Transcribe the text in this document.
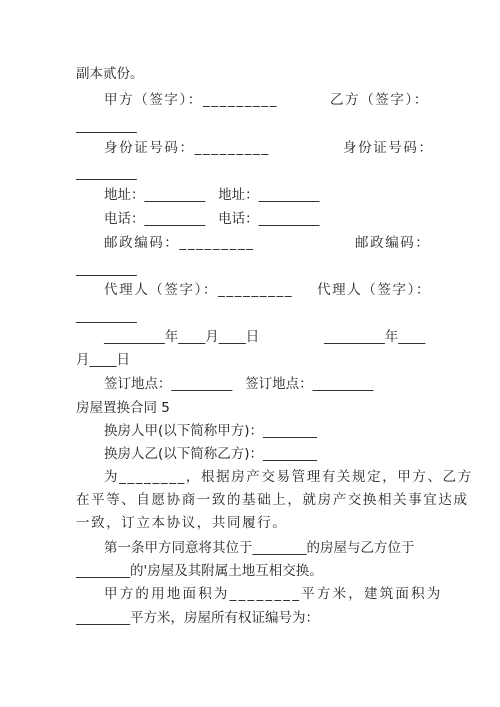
副本贰份。
甲方（签字）：_________	乙方（签字）：
_________
身份证号码：_________	身份证号码：
_________
地址：_________   地址：_________
电话：_________   电话：_________
邮政编码：_________	邮政编码：
_________
代理人（签字）：_________ 代理人（签字）：
_________
_________年____月____日	_________年____
月____日
签订地点：_________   签订地点：_________
房屋置换合同 5
换房人甲(以下简称甲方)：________
换房人乙(以下简称乙方)：________
为________，根据房产交易管理有关规定，甲方、乙方
在平等、自愿协商一致的基础上，就房产交换相关事宜达成
一致，订立本协议，共同履行。
第一条甲方同意将其位于________的房屋与乙方位于
________的'房屋及其附属土地互相交换。
甲方的用地面积为________平方米，建筑面积为
________平方米，房屋所有权证编号为：
